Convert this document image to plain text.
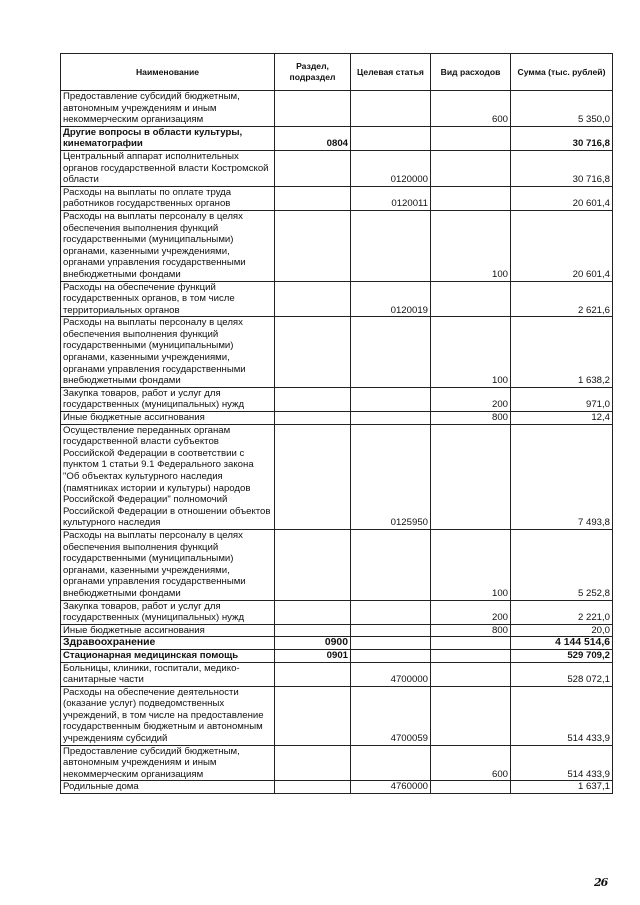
Наименование	Раздел, подраздел	Целевая статья	Вид расходов	Сумма (тыс. рублей)
Предоставление субсидий бюджетным, автономным учреждениям и иным некоммерческим организациям			600	5 350,0
Другие вопросы в области культуры, кинематографии	0804			30 716,8
Центральный аппарат исполнительных органов государственной власти Костромской области		0120000		30 716,8
Расходы на выплаты по оплате труда работников государственных органов		0120011		20 601,4
Расходы на выплаты персоналу в целях обеспечения выполнения функций государственными (муниципальными) органами, казенными учреждениями, органами управления государственными внебюджетными фондами			100	20 601,4
Расходы на обеспечение функций государственных органов, в том числе территориальных органов		0120019		2 621,6
Расходы на выплаты персоналу в целях обеспечения выполнения функций государственными (муниципальными) органами, казенными учреждениями, органами управления государственными внебюджетными фондами			100	1 638,2
Закупка товаров, работ и услуг для государственных (муниципальных) нужд			200	971,0
Иные бюджетные ассигнования			800	12,4
Осуществление переданных органам государственной власти субъектов Российской Федерации в соответствии с пунктом 1 статьи 9.1 Федерального закона "Об объектах культурного наследия (памятниках истории и культуры) народов Российской Федерации" полномочий Российской Федерации в отношении объектов культурного наследия		0125950		7 493,8
Расходы на выплаты персоналу в целях обеспечения выполнения функций государственными (муниципальными) органами, казенными учреждениями, органами управления государственными внебюджетными фондами			100	5 252,8
Закупка товаров, работ и услуг для государственных (муниципальных) нужд			200	2 221,0
Иные бюджетные ассигнования			800	20,0
Здравоохранение	0900			4 144 514,6
Стационарная медицинская помощь	0901			529 709,2
Больницы, клиники, госпитали, медико-санитарные части		4700000		528 072,1
Расходы на обеспечение деятельности (оказание услуг) подведомственных учреждений, в том числе на предоставление государственным бюджетным и автономным учреждениям субсидий		4700059		514 433,9
Предоставление субсидий бюджетным, автономным учреждениям и иным некоммерческим организациям			600	514 433,9
Родильные дома		4760000		1 637,1
26
